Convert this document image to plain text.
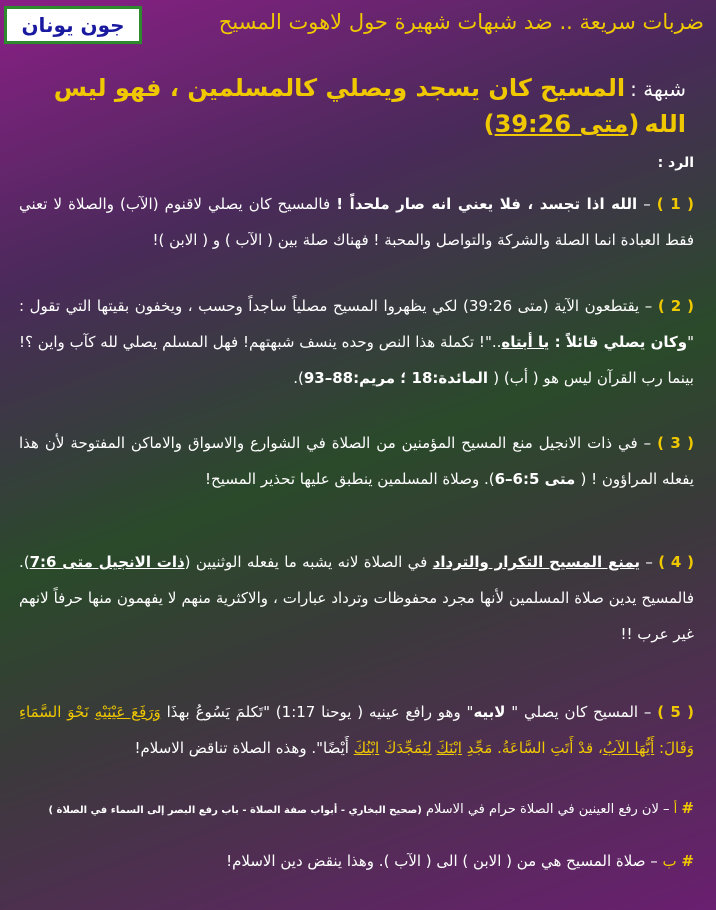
جون يونان	ضربات سريعة .. ضد شبهات شهيرة حول لاهوت المسيح
شبهة : المسيح كان يسجد ويصلي كالمسلمين ، فهو ليس الله (متى 39:26)
الرد :
( 1 ) – الله اذا تجسد ، فلا يعني انه صار ملحداً ! فالمسيح كان يصلي لاقنوم (الآب) والصلاة لا تعني فقط العبادة انما الصلة والشركة والتواصل والمحبة ! فهناك صلة بين ( الآب ) و ( الابن )!
( 2 ) – يقتطعون الآية (متى 39:26) لكي يظهروا المسيح مصلياً ساجداً وحسب ، ويخفون بقيتها التي تقول : "وكان يصلي قائلاً : يا أبتاه.."! تكملة هذا النص وحده ينسف شبهتهم! فهل المسلم يصلي لله كآب واين ؟! بينما رب القرآن ليس هو ( أب) ( المائدة:18 ؛ مريم:88–93).
( 3 ) – في ذات الانجيل منع المسيح المؤمنين من الصلاة في الشوارع والاسواق والاماكن المفتوحة لأن هذا يفعله المراؤون ! ( متى 6:5–6). وصلاة المسلمين ينطبق عليها تحذير المسيح!
( 4 ) – يمنع المسيح التكرار والترداد في الصلاة لانه يشبه ما يفعله الوثنيين (ذات الانجيل متى 7:6). فالمسيح يدين صلاة المسلمين لأنها مجرد محفوظات وترداد عبارات ، والاكثرية منهم لا يفهمون منها حرفاً لانهم غير عرب !!
( 5 ) – المسيح كان يصلي " لابيه" وهو رافع عينيه ( يوحنا 1:17) "تَكلمَ يَسُوعُ بهذَا وَرَفَعَ عَيْنَيْهِ نَحْوَ السَّمَاءِ وَقَالَ: أَيُّهَا الآبُ، قدْ أَتَتِ السَّاعَةُ. مَجِّدِ ابْنَكَ لِيُمَجِّدَكَ ابْنُكَ أَيْضًا". وهذه الصلاة تناقض الاسلام!
# أ – لان رفع العينين في الصلاة حرام في الاسلام (صحيح البخاري - أبواب صفة الصلاة - باب رفع البصر إلى السماء في الصلاة )
# ب – صلاة المسيح هي من ( الابن ) الى ( الآب ). وهذا ينقض دين الاسلام!
